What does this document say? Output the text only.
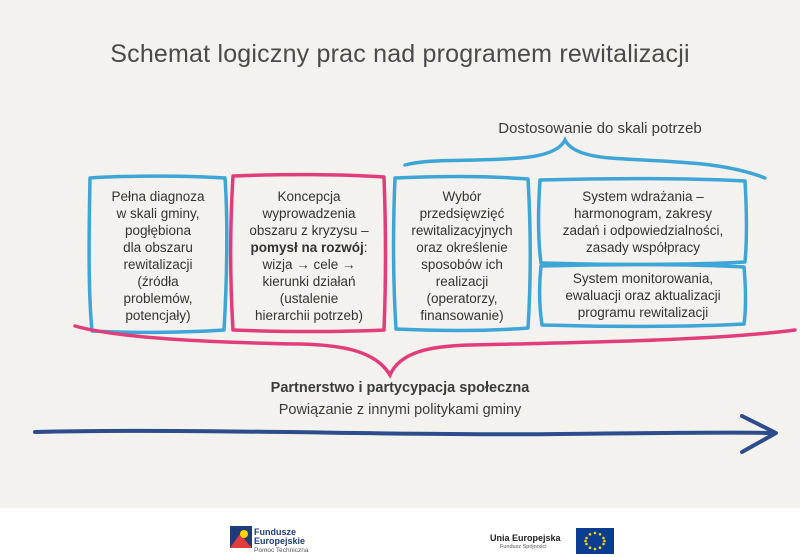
Schemat logiczny prac nad programem rewitalizacji
Dostosowanie do skali potrzeb
Pełna diagnoza
w skali gminy,
pogłębiona
dla obszaru
rewitalizacji
(źródła
problemów,
potencjały)
Koncepcja
wyprowadzenia
obszaru z kryzysu –
pomysł na rozwój:
wizja → cele →
kierunki działań
(ustalenie
hierarchii potrzeb)
Wybór
przedsięwzięć
rewitalizacyjnych
oraz określenie
sposobów ich
realizacji
(operatorzy,
finansowanie)
System wdrażania –
harmonogram, zakresy
zadań i odpowiedzialności,
zasady współpracy
System monitorowania,
ewaluacji oraz aktualizacji
programu rewitalizacji
Partnerstwo i partycypacja społeczna
Powiązanie z innymi politykami gminy
Fundusze
Europejskie
Pomoc Techniczna
Unia Europejska
Fundusz Spójności
